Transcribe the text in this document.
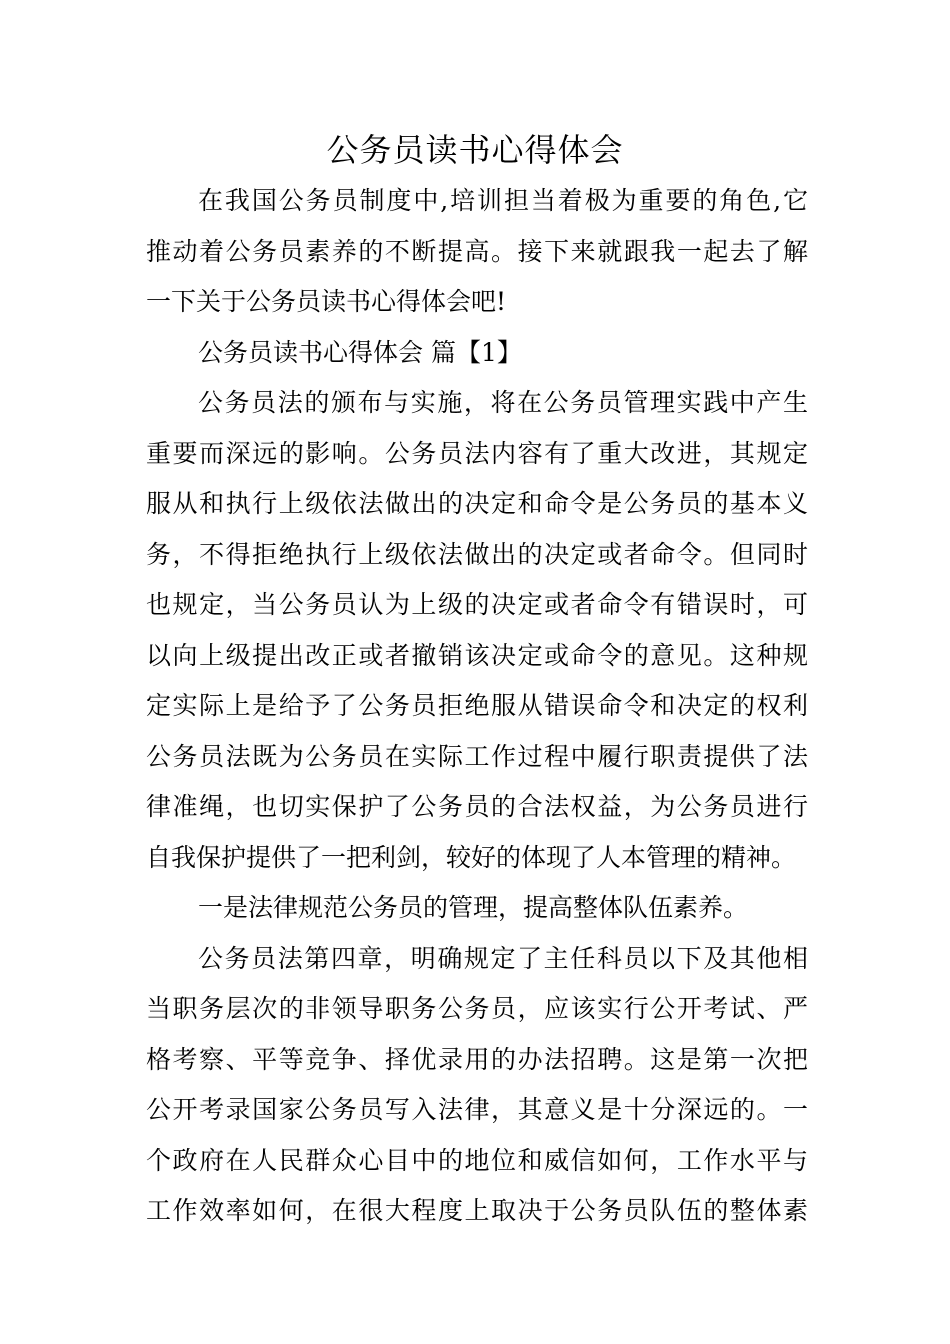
公务员读书心得体会
在我国公务员制度中,培训担当着极为重要的角色,它
推动着公务员素养的不断提高。接下来就跟我一起去了解
一下关于公务员读书心得体会吧!
公务员读书心得体会 篇【1】
公务员法的颁布与实施，将在公务员管理实践中产生
重要而深远的影响。公务员法内容有了重大改进，其规定
服从和执行上级依法做出的决定和命令是公务员的基本义
务，不得拒绝执行上级依法做出的决定或者命令。但同时
也规定，当公务员认为上级的决定或者命令有错误时，可
以向上级提出改正或者撤销该决定或命令的意见。这种规
定实际上是给予了公务员拒绝服从错误命令和决定的权利
公务员法既为公务员在实际工作过程中履行职责提供了法
律准绳，也切实保护了公务员的合法权益，为公务员进行
自我保护提供了一把利剑，较好的体现了人本管理的精神。
一是法律规范公务员的管理，提高整体队伍素养。
公务员法第四章，明确规定了主任科员以下及其他相
当职务层次的非领导职务公务员，应该实行公开考试、严
格考察、平等竞争、择优录用的办法招聘。这是第一次把
公开考录国家公务员写入法律，其意义是十分深远的。一
个政府在人民群众心目中的地位和威信如何，工作水平与
工作效率如何，在很大程度上取决于公务员队伍的整体素
